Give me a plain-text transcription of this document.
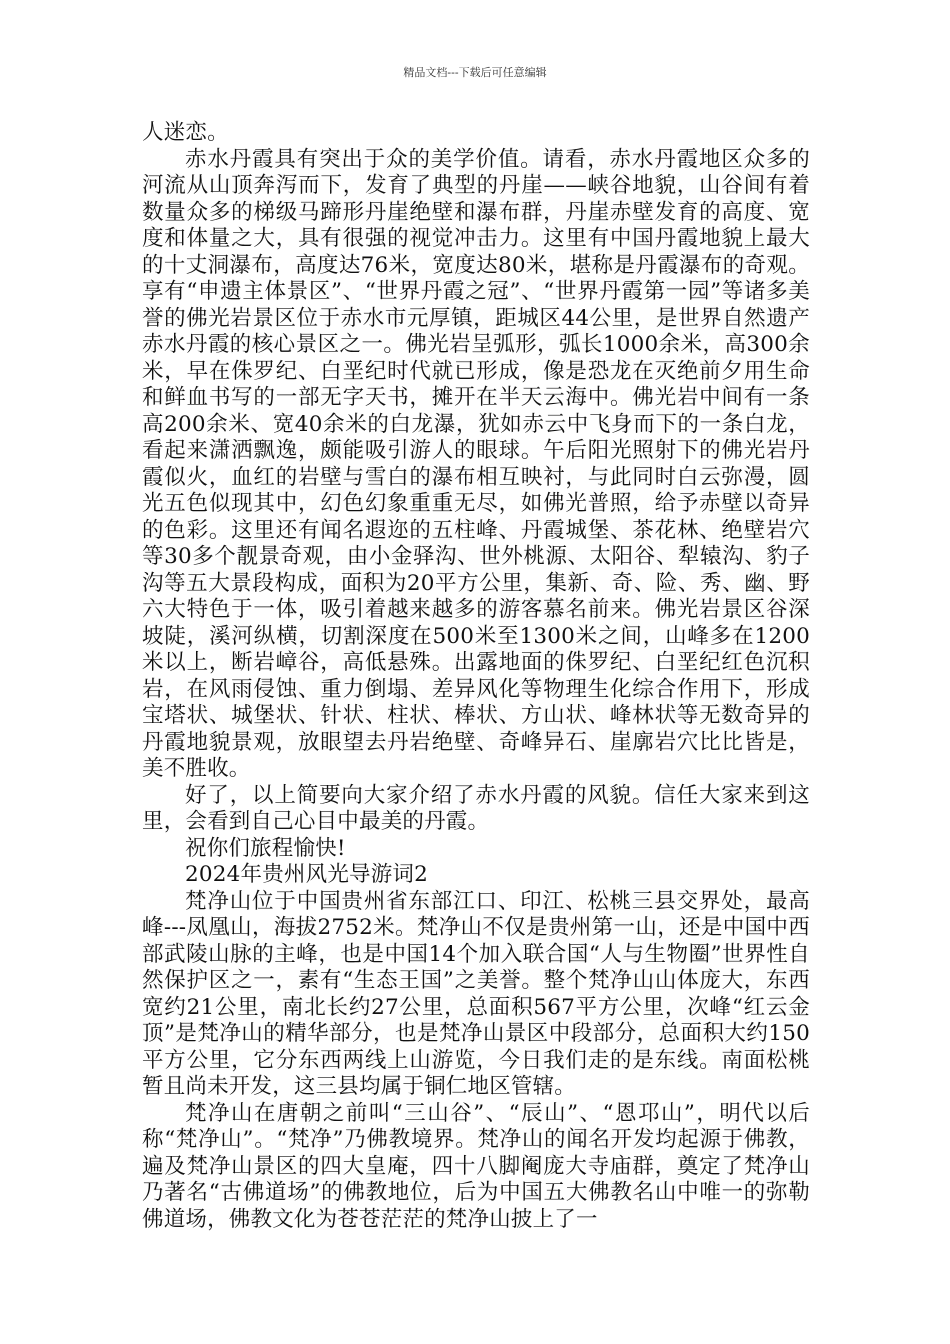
精品文档---下载后可任意编辑

人迷恋。

赤水丹霞具有突出于众的美学价值。请看，赤水丹霞地区众多的河流从山顶奔泻而下，发育了典型的丹崖——峡谷地貌，山谷间有着数量众多的梯级马蹄形丹崖绝壁和瀑布群，丹崖赤壁发育的高度、宽度和体量之大，具有很强的视觉冲击力。这里有中国丹霞地貌上最大的十丈洞瀑布，高度达76米，宽度达80米，堪称是丹霞瀑布的奇观。享有“申遗主体景区”、“世界丹霞之冠”、“世界丹霞第一园”等诸多美誉的佛光岩景区位于赤水市元厚镇，距城区44公里，是世界自然遗产赤水丹霞的核心景区之一。佛光岩呈弧形，弧长1000余米，高300余米，早在侏罗纪、白垩纪时代就已形成，像是恐龙在灭绝前夕用生命和鲜血书写的一部无字天书，摊开在半天云海中。佛光岩中间有一条高200余米、宽40余米的白龙瀑，犹如赤云中飞身而下的一条白龙，看起来潇洒飘逸，颇能吸引游人的眼球。午后阳光照射下的佛光岩丹霞似火，血红的岩壁与雪白的瀑布相互映衬，与此同时白云弥漫，圆光五色似现其中，幻色幻象重重无尽，如佛光普照，给予赤壁以奇异的色彩。这里还有闻名遐迩的五柱峰、丹霞城堡、茶花林、绝壁岩穴等30多个靓景奇观，由小金驿沟、世外桃源、太阳谷、犁辕沟、豹子沟等五大景段构成，面积为20平方公里，集新、奇、险、秀、幽、野六大特色于一体，吸引着越来越多的游客慕名前来。佛光岩景区谷深坡陡，溪河纵横，切割深度在500米至1300米之间，山峰多在1200米以上，断岩嶂谷，高低悬殊。出露地面的侏罗纪、白垩纪红色沉积岩，在风雨侵蚀、重力倒塌、差异风化等物理生化综合作用下，形成宝塔状、城堡状、针状、柱状、棒状、方山状、峰林状等无数奇异的丹霞地貌景观，放眼望去丹岩绝壁、奇峰异石、崖廓岩穴比比皆是，美不胜收。

好了，以上简要向大家介绍了赤水丹霞的风貌。信任大家来到这里，会看到自己心目中最美的丹霞。

祝你们旅程愉快!

2024年贵州风光导游词2

梵净山位于中国贵州省东部江口、印江、松桃三县交界处，最高峰---凤凰山，海拔2752米。梵净山不仅是贵州第一山，还是中国中西部武陵山脉的主峰，也是中国14个加入联合国“人与生物圈”世界性自然保护区之一，素有“生态王国”之美誉。整个梵净山山体庞大，东西宽约21公里，南北长约27公里，总面积567平方公里，次峰“红云金顶”是梵净山的精华部分，也是梵净山景区中段部分，总面积大约150平方公里，它分东西两线上山游览，今日我们走的是东线。南面松桃暂且尚未开发，这三县均属于铜仁地区管辖。

梵净山在唐朝之前叫“三山谷”、“辰山”、“恩邛山”，明代以后称“梵净山”。“梵净”乃佛教境界。梵净山的闻名开发均起源于佛教，遍及梵净山景区的四大皇庵，四十八脚阉庞大寺庙群，奠定了梵净山乃著名“古佛道场”的佛教地位，后为中国五大佛教名山中唯一的弥勒佛道场，佛教文化为苍苍茫茫的梵净山披上了一
